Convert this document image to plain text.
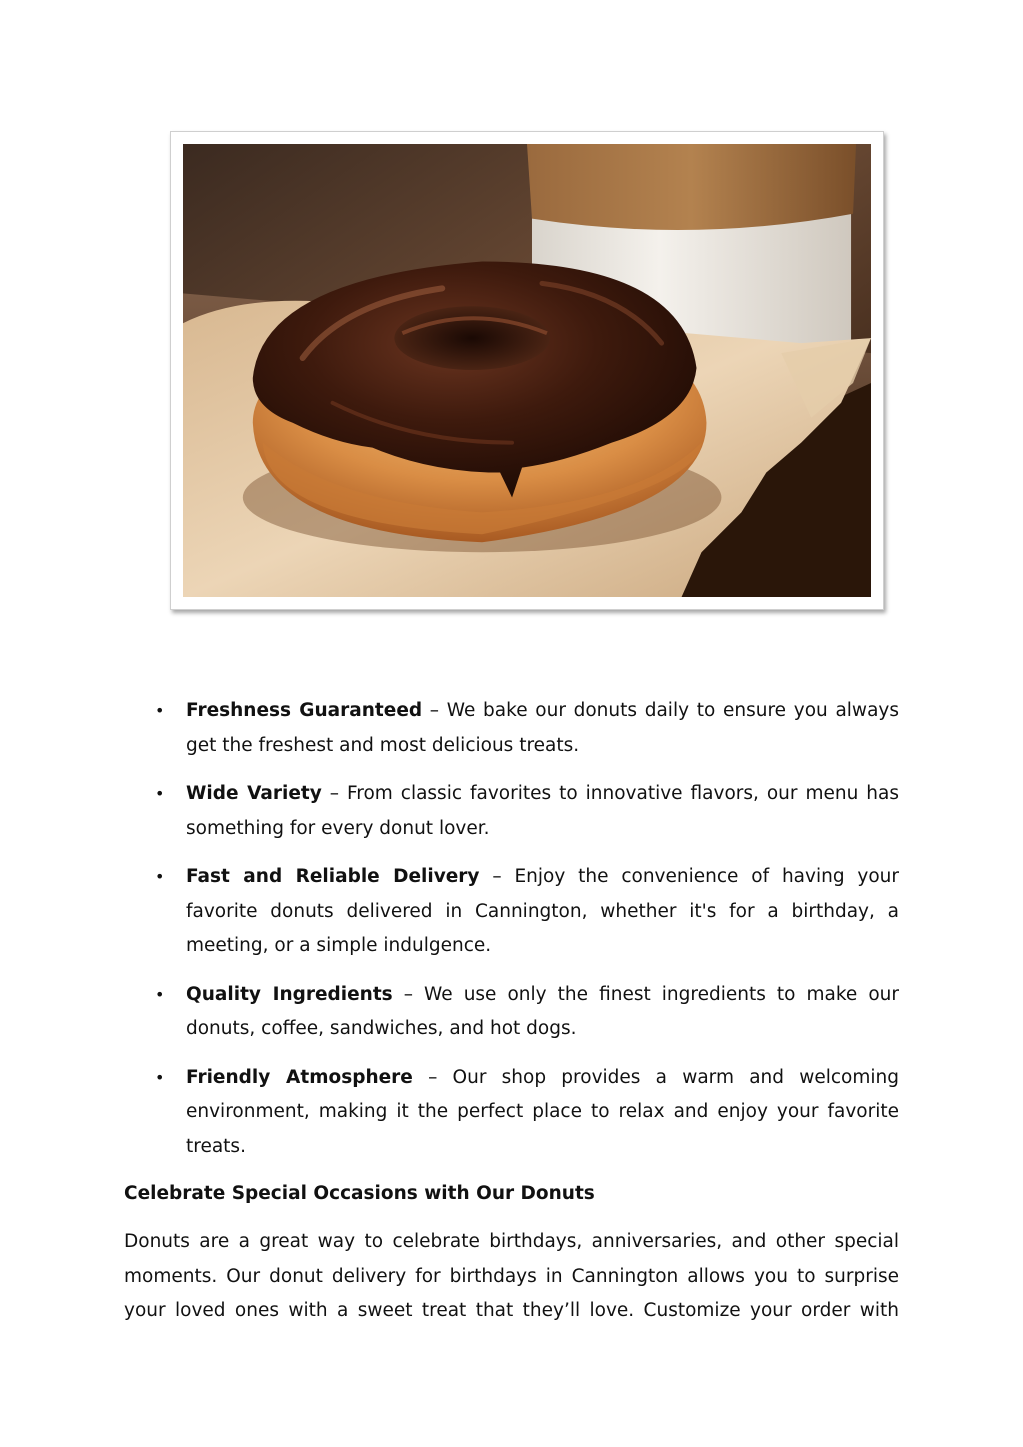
• Freshness Guaranteed – We bake our donuts daily to ensure you always get the freshest and most delicious treats.
• Wide Variety – From classic favorites to innovative flavors, our menu has something for every donut lover.
• Fast and Reliable Delivery – Enjoy the convenience of having your favorite donuts delivered in Cannington, whether it's for a birthday, a meeting, or a simple indulgence.
• Quality Ingredients – We use only the finest ingredients to make our donuts, coffee, sandwiches, and hot dogs.
• Friendly Atmosphere – Our shop provides a warm and welcoming environment, making it the perfect place to relax and enjoy your favorite treats.
Celebrate Special Occasions with Our Donuts

Donuts are a great way to celebrate birthdays, anniversaries, and other special moments. Our donut delivery for birthdays in Cannington allows you to surprise your loved ones with a sweet treat that they’ll love. Customize your order with
